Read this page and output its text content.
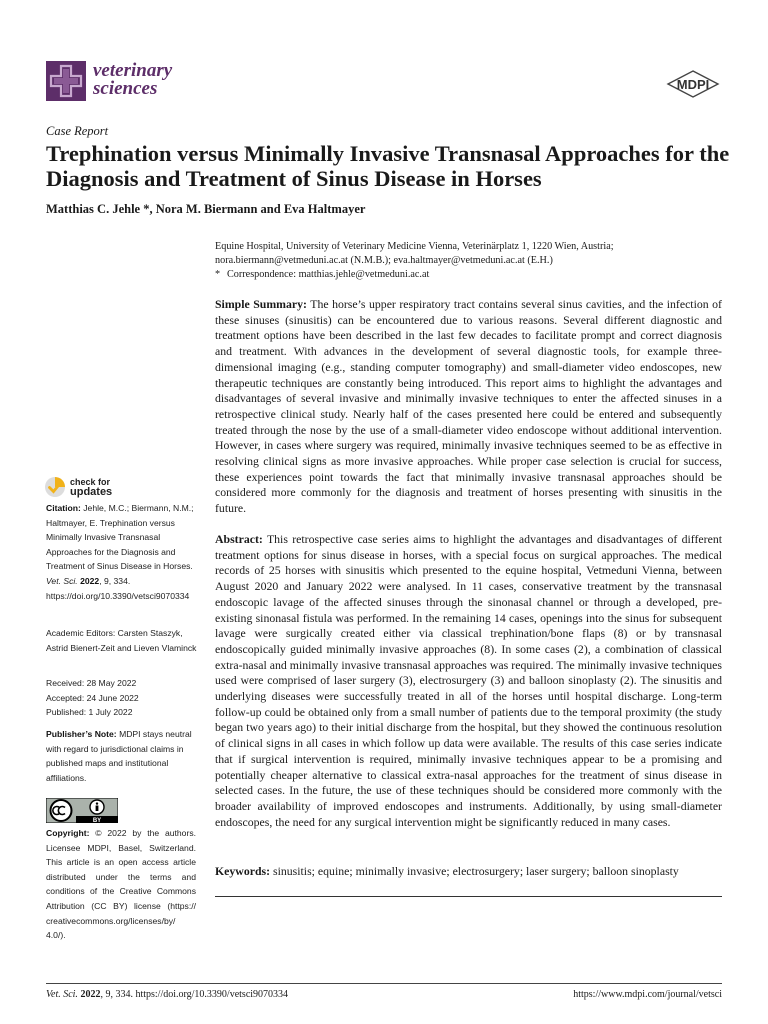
veterinary
sciences	MDPI
Case Report
Trephination versus Minimally Invasive Transnasal Approaches for the Diagnosis and Treatment of Sinus Disease in Horses
Matthias C. Jehle *, Nora M. Biermann and Eva Haltmayer
Equine Hospital, University of Veterinary Medicine Vienna, Veterinärplatz 1, 1220 Wien, Austria;
nora.biermann@vetmeduni.ac.at (N.M.B.); eva.haltmayer@vetmeduni.ac.at (E.H.)
* Correspondence: matthias.jehle@vetmeduni.ac.at

Simple Summary: The horse’s upper respiratory tract contains several sinus cavities, and the infection of these sinuses (sinusitis) can be encountered due to various reasons. Several different diagnostic and treatment options have been described in the last few decades to facilitate prompt and correct diagnosis and treatment. With advances in the development of several diagnostic tools, for example three-dimensional imaging (e.g., standing computer tomography) and small-diameter video endoscopes, new therapeutic techniques are constantly being introduced. This report aims to highlight the advantages and disadvantages of several invasive and minimally invasive techniques to enter the affected sinuses in a retrospective clinical study. Nearly half of the cases presented here could be entered and subsequently treated through the nose by the use of a small-diameter video endoscope without additional intervention. However, in cases where surgery was required, minimally invasive techniques seemed to be as effective in resolving clinical signs as more invasive approaches. While proper case selection is crucial for success, these experiences point towards the fact that minimally invasive transnasal approaches should be considered more commonly for the diagnosis and treatment of horses presenting with sinusitis in the future.

Abstract: This retrospective case series aims to highlight the advantages and disadvantages of different treatment options for sinus disease in horses, with a special focus on surgical approaches. The medical records of 25 horses with sinusitis which presented to the equine hospital, Vetmeduni Vienna, between August 2020 and January 2022 were analysed. In 11 cases, conservative treatment by the transnasal endoscopic lavage of the affected sinuses through the sinonasal channel or through a developed, pre-existing sinonasal fistula was performed. In the remaining 14 cases, openings into the sinus for subsequent lavage were surgically created either via classical trephination/bone flaps (8) or by transnasal endoscopically guided minimally invasive approaches (8). In some cases (2), a combination of classical extra-nasal and minimally invasive transnasal approaches was required. The minimally invasive techniques used were comprised of laser surgery (3), electrosurgery (3) and balloon sinoplasty (2). The sinusitis and underlying diseases were successfully treated in all of the horses until hospital discharge. Long-term follow-up could be obtained only from a small number of patients due to the temporal proximity (the study began two years ago) to their initial discharge from the hospital, but they showed the continuous resolution of clinical signs in all cases in which follow up data were available. The results of this case series indicate that if surgical intervention is required, minimally invasive techniques appear to be a promising and potentially cheaper alternative to classical extra-nasal approaches for the treatment of sinus disease in selected cases. In the future, the use of these techniques should be considered more commonly with the broader availability of improved endoscopes and instruments. Additionally, by using small-diameter endoscopes, the need for any surgical intervention might be significantly reduced in many cases.

Keywords: sinusitis; equine; minimally invasive; electrosurgery; laser surgery; balloon sinoplasty

check for
updates
Citation: Jehle, M.C.; Biermann, N.M.; Haltmayer, E. Trephination versus Minimally Invasive Transnasal Approaches for the Diagnosis and Treatment of Sinus Disease in Horses. Vet. Sci. 2022, 9, 334. https://doi.org/10.3390/vetsci9070334
Academic Editors: Carsten Staszyk, Astrid Bienert-Zeit and Lieven Vlaminck
Received: 28 May 2022
Accepted: 24 June 2022
Published: 1 July 2022
Publisher’s Note: MDPI stays neutral with regard to jurisdictional claims in published maps and institutional affiliations.
BY
Copyright: © 2022 by the authors. Licensee MDPI, Basel, Switzerland. This article is an open access article distributed under the terms and conditions of the Creative Commons Attribution (CC BY) license (https:// creativecommons.org/licenses/by/ 4.0/).
Vet. Sci. 2022, 9, 334. https://doi.org/10.3390/vetsci9070334	https://www.mdpi.com/journal/vetsci
